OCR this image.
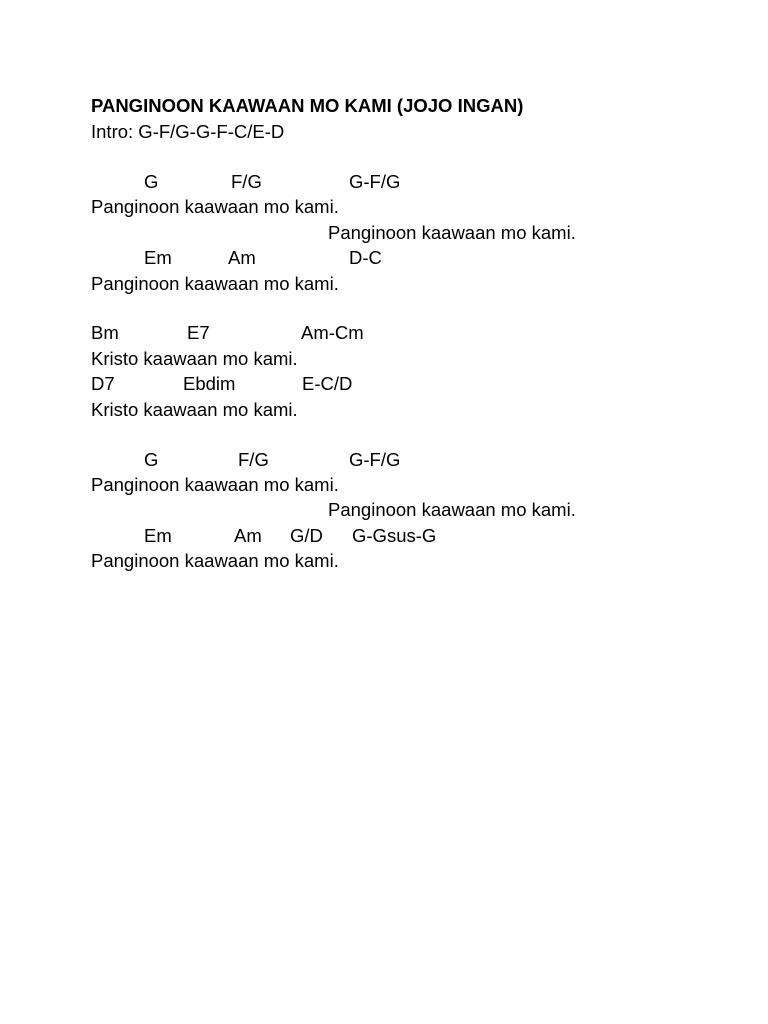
PANGINOON KAAWAAN MO KAMI (JOJO INGAN)
Intro: G-F/G-G-F-C/E-D

G

	F/G

	G-F/G

Panginoon kaawaan mo kami.

Panginoon kaawaan mo kami.

Em

	Am

	D-C

Panginoon kaawaan mo kami.

Bm

	E7

	Am-Cm

Kristo kaawaan mo kami.

D7

	Ebdim

	E-C/D

Kristo kaawaan mo kami.

G

	F/G

	G-F/G

Panginoon kaawaan mo kami.

Panginoon kaawaan mo kami.

Em

	Am

G/D

G-Gsus-G

Panginoon kaawaan mo kami.
